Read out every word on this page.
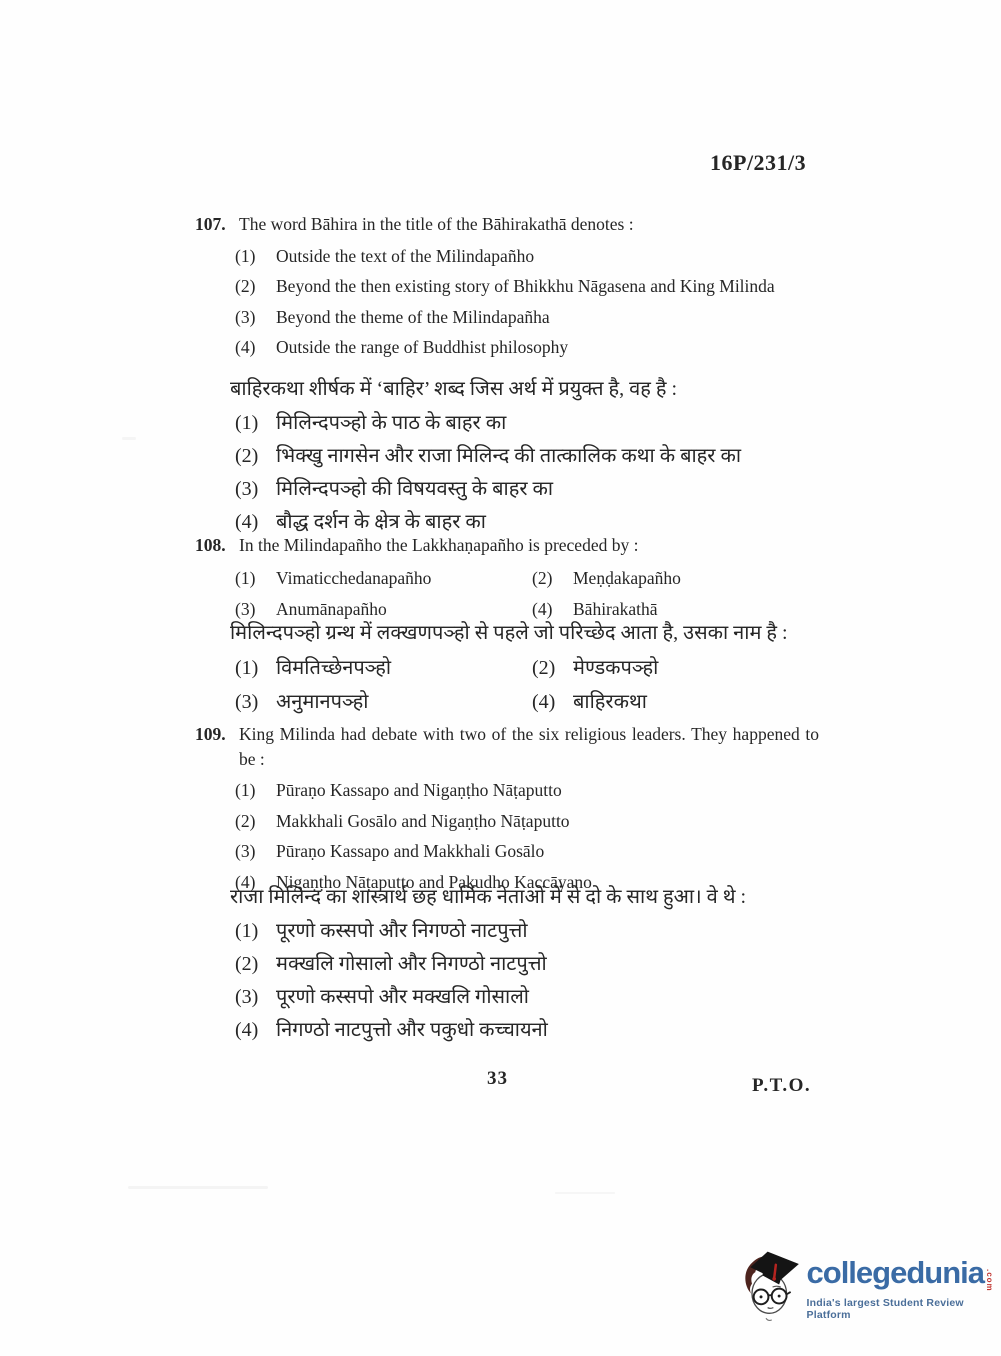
16P/231/3
107. The word Bāhira in the title of the Bāhirakathā denotes :
(1)	Outside the text of the Milindapañho
(2)	Beyond the then existing story of Bhikkhu Nāgasena and King Milinda
(3)	Beyond the theme of the Milindapañha
(4)	Outside the range of Buddhist philosophy
बाहिरकथा शीर्षक में ‘बाहिर’ शब्द जिस अर्थ में प्रयुक्त है, वह है :
(1) मिलिन्दपञ्हो के पाठ के बाहर का
(2) भिक्खु नागसेन और राजा मिलिन्द की तात्कालिक कथा के बाहर का
(3) मिलिन्दपञ्हो की विषयवस्तु के बाहर का
(4) बौद्ध दर्शन के क्षेत्र के बाहर का
108. In the Milindapañho the Lakkhaṇapañho is preceded by :
(1)	Vimaticchedanapañho	(2)	Meṇḍakapañho
(3)	Anumānapañho	(4)	Bāhirakathā
मिलिन्दपञ्हो ग्रन्थ में लक्खणपञ्हो से पहले जो परिच्छेद आता है, उसका नाम है :
(1) विमतिच्छेनपञ्हो	(2) मेण्डकपञ्हो
(3) अनुमानपञ्हो	(4) बाहिरकथा
109. King Milinda had debate with two of the six religious leaders. They happened to be :
(1)	Pūraṇo Kassapo and Nigaṇṭho Nāṭaputto
(2)	Makkhali Gosālo and Nigaṇṭho Nāṭaputto
(3)	Pūraṇo Kassapo and Makkhali Gosālo
(4)	Nigaṇṭho Nāṭaputto and Pakudho Kaccāyano
राजा मिलिन्द का शास्त्रार्थ छह धार्मिक नेताओं में से दो के साथ हुआ। वे थे :
(1) पूरणो कस्सपो और निगण्ठो नाटपुत्तो
(2) मक्खलि गोसालो और निगण्ठो नाटपुत्तो
(3) पूरणो कस्सपो और मक्खलि गोसालो
(4) निगण्ठो नाटपुत्तो और पकुधो कच्चायनो
33	P.T.O.
collegedunia .com
India's largest Student Review Platform
